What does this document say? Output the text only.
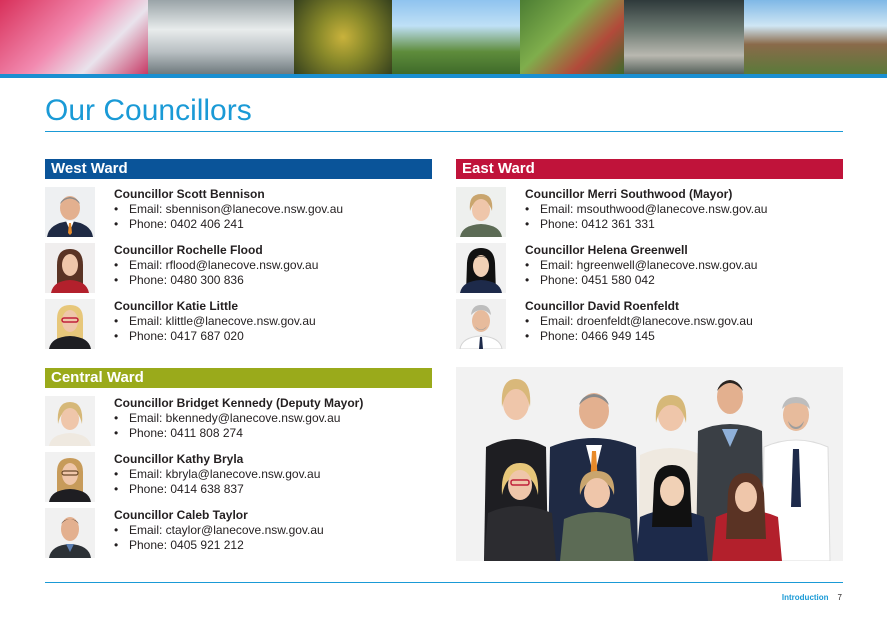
Our Councillors
West Ward
Councillor Scott Bennison
• Email: sbennison@lanecove.nsw.gov.au
• Phone: 0402 406 241
Councillor Rochelle Flood
• Email: rflood@lanecove.nsw.gov.au
• Phone: 0480 300 836
Councillor Katie Little
• Email: klittle@lanecove.nsw.gov.au
• Phone: 0417 687 020
East Ward
Councillor Merri Southwood (Mayor)
• Email: msouthwood@lanecove.nsw.gov.au
• Phone: 0412 361 331
Councillor Helena Greenwell
• Email: hgreenwell@lanecove.nsw.gov.au
• Phone: 0451 580 042
Councillor David Roenfeldt
• Email: droenfeldt@lanecove.nsw.gov.au
• Phone: 0466 949 145
Central Ward
Councillor Bridget Kennedy (Deputy Mayor)
• Email: bkennedy@lanecove.nsw.gov.au
• Phone: 0411 808 274
Councillor Kathy Bryla
• Email: kbryla@lanecove.nsw.gov.au
• Phone: 0414 638 837
Councillor Caleb Taylor
• Email: ctaylor@lanecove.nsw.gov.au
• Phone: 0405 921 212
Introduction 7
